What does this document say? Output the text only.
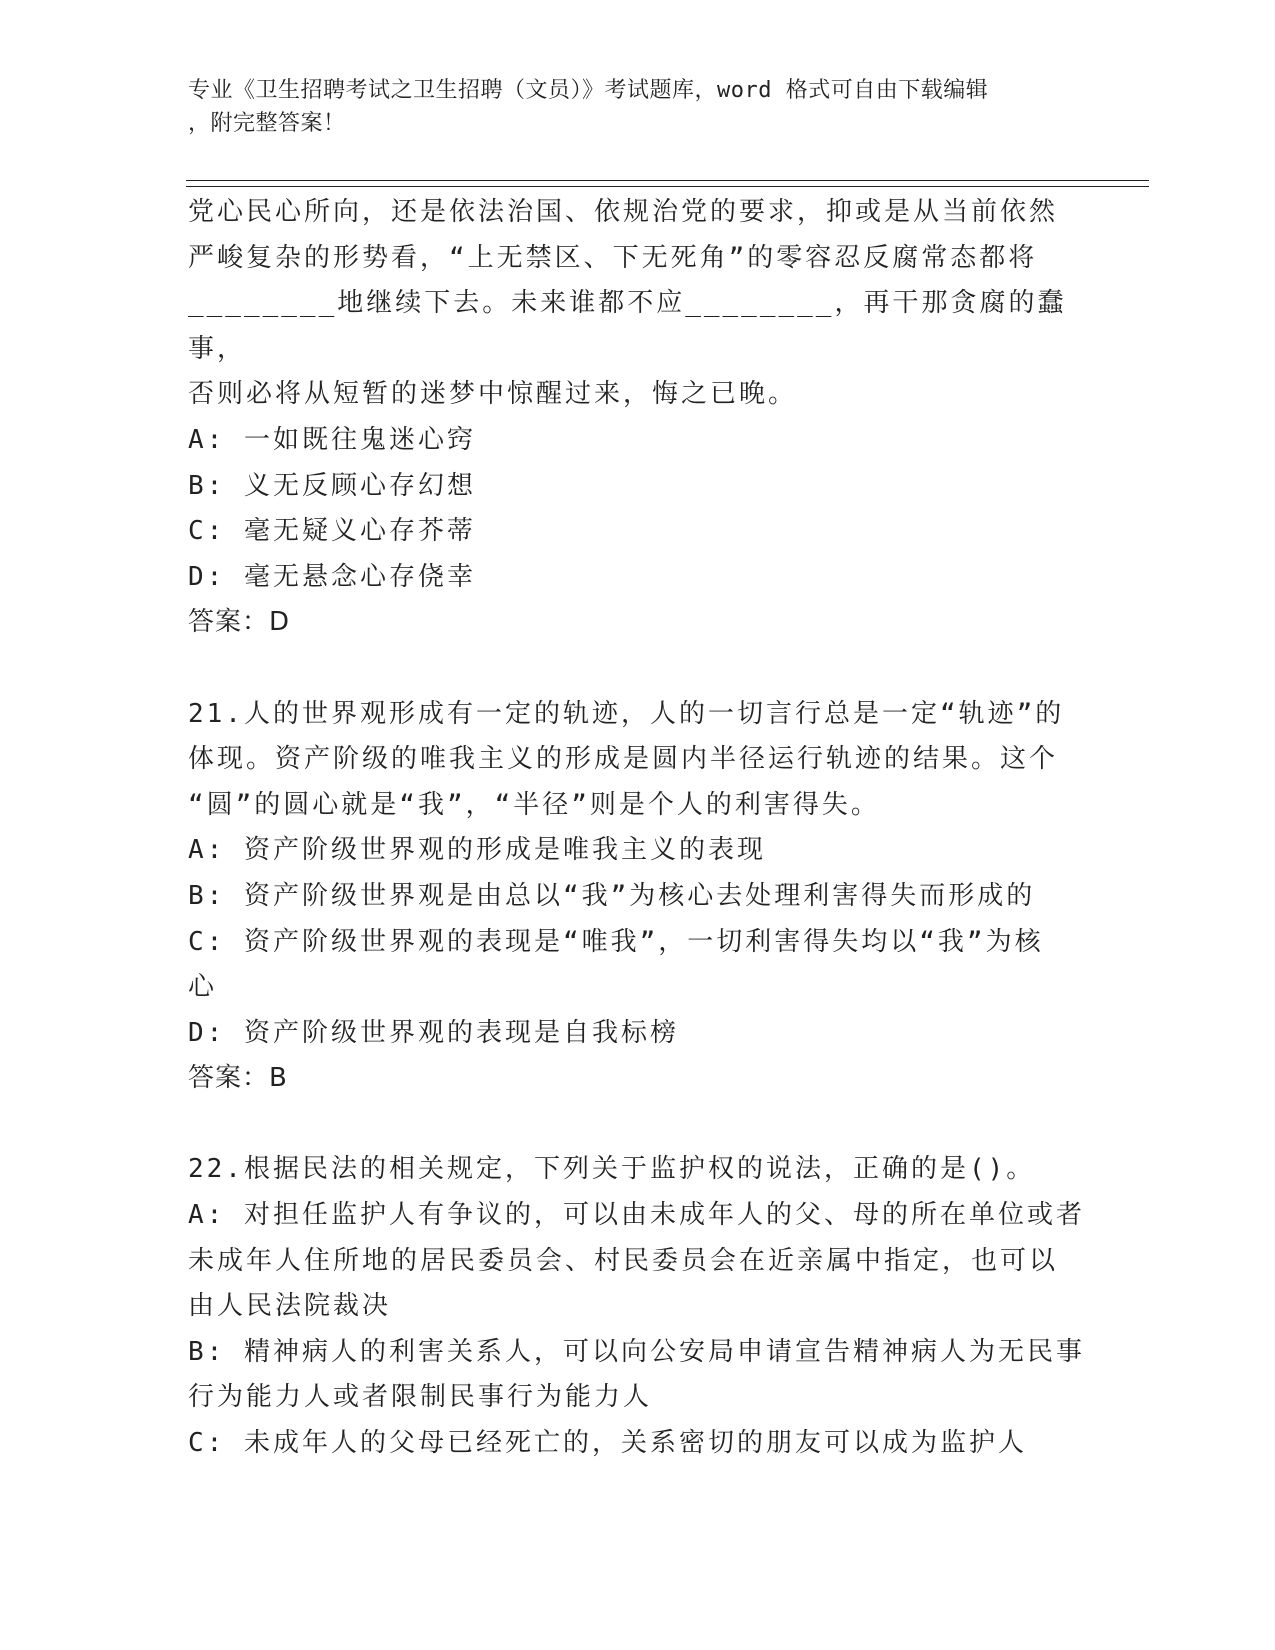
专业《卫生招聘考试之卫生招聘（文员）》考试题库，word 格式可自由下载编辑
，附完整答案！

党心民心所向，还是依法治国、依规治党的要求，抑或是从当前依然

严峻复杂的形势看，“上无禁区、下无死角”的零容忍反腐常态都将

________地继续下去。未来谁都不应________，再干那贪腐的蠢事，

否则必将从短暂的迷梦中惊醒过来，悔之已晚。

A: 一如既往鬼迷心窍

B: 义无反顾心存幻想

C: 毫无疑义心存芥蒂

D: 毫无悬念心存侥幸

答案：D

21.人的世界观形成有一定的轨迹，人的一切言行总是一定“轨迹”的

体现。资产阶级的唯我主义的形成是圆内半径运行轨迹的结果。这个

“圆”的圆心就是“我”，“半径”则是个人的利害得失。

A: 资产阶级世界观的形成是唯我主义的表现

B: 资产阶级世界观是由总以“我”为核心去处理利害得失而形成的

C: 资产阶级世界观的表现是“唯我”，一切利害得失均以“我”为核

心

D: 资产阶级世界观的表现是自我标榜

答案：B

22.根据民法的相关规定，下列关于监护权的说法，正确的是()。

A: 对担任监护人有争议的，可以由未成年人的父、母的所在单位或者

未成年人住所地的居民委员会、村民委员会在近亲属中指定，也可以

由人民法院裁决

B: 精神病人的利害关系人，可以向公安局申请宣告精神病人为无民事

行为能力人或者限制民事行为能力人

C: 未成年人的父母已经死亡的，关系密切的朋友可以成为监护人
